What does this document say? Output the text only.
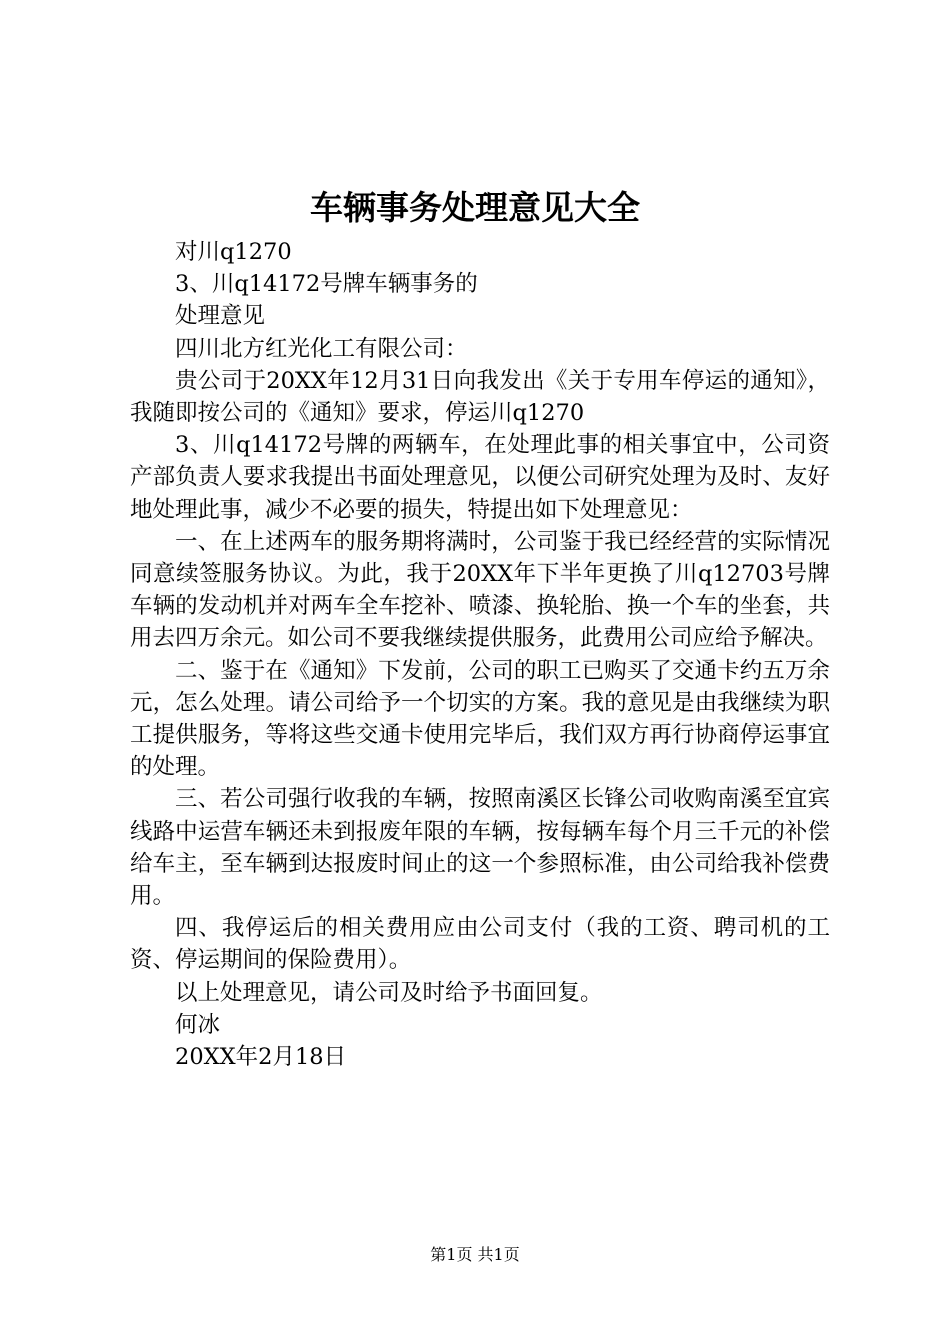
车辆事务处理意见大全

对川q1270

3、川q14172号牌车辆事务的

处理意见

四川北方红光化工有限公司：

贵公司于20XX年12月31日向我发出《关于专用车停运的通知》，我随即按公司的《通知》要求，停运川q1270

3、川q14172号牌的两辆车，在处理此事的相关事宜中，公司资产部负责人要求我提出书面处理意见，以便公司研究处理为及时、友好地处理此事，减少不必要的损失，特提出如下处理意见：

一、在上述两车的服务期将满时，公司鉴于我已经经营的实际情况同意续签服务协议。为此，我于20XX年下半年更换了川q12703号牌车辆的发动机并对两车全车挖补、喷漆、换轮胎、换一个车的坐套，共用去四万余元。如公司不要我继续提供服务，此费用公司应给予解决。

二、鉴于在《通知》下发前，公司的职工已购买了交通卡约五万余元，怎么处理。请公司给予一个切实的方案。我的意见是由我继续为职工提供服务，等将这些交通卡使用完毕后，我们双方再行协商停运事宜的处理。

三、若公司强行收我的车辆，按照南溪区长锋公司收购南溪至宜宾线路中运营车辆还未到报废年限的车辆，按每辆车每个月三千元的补偿给车主，至车辆到达报废时间止的这一个参照标准，由公司给我补偿费用。

四、我停运后的相关费用应由公司支付（我的工资、聘司机的工资、停运期间的保险费用）。

以上处理意见，请公司及时给予书面回复。

何冰

20XX年2月18日

第1页 共1页
